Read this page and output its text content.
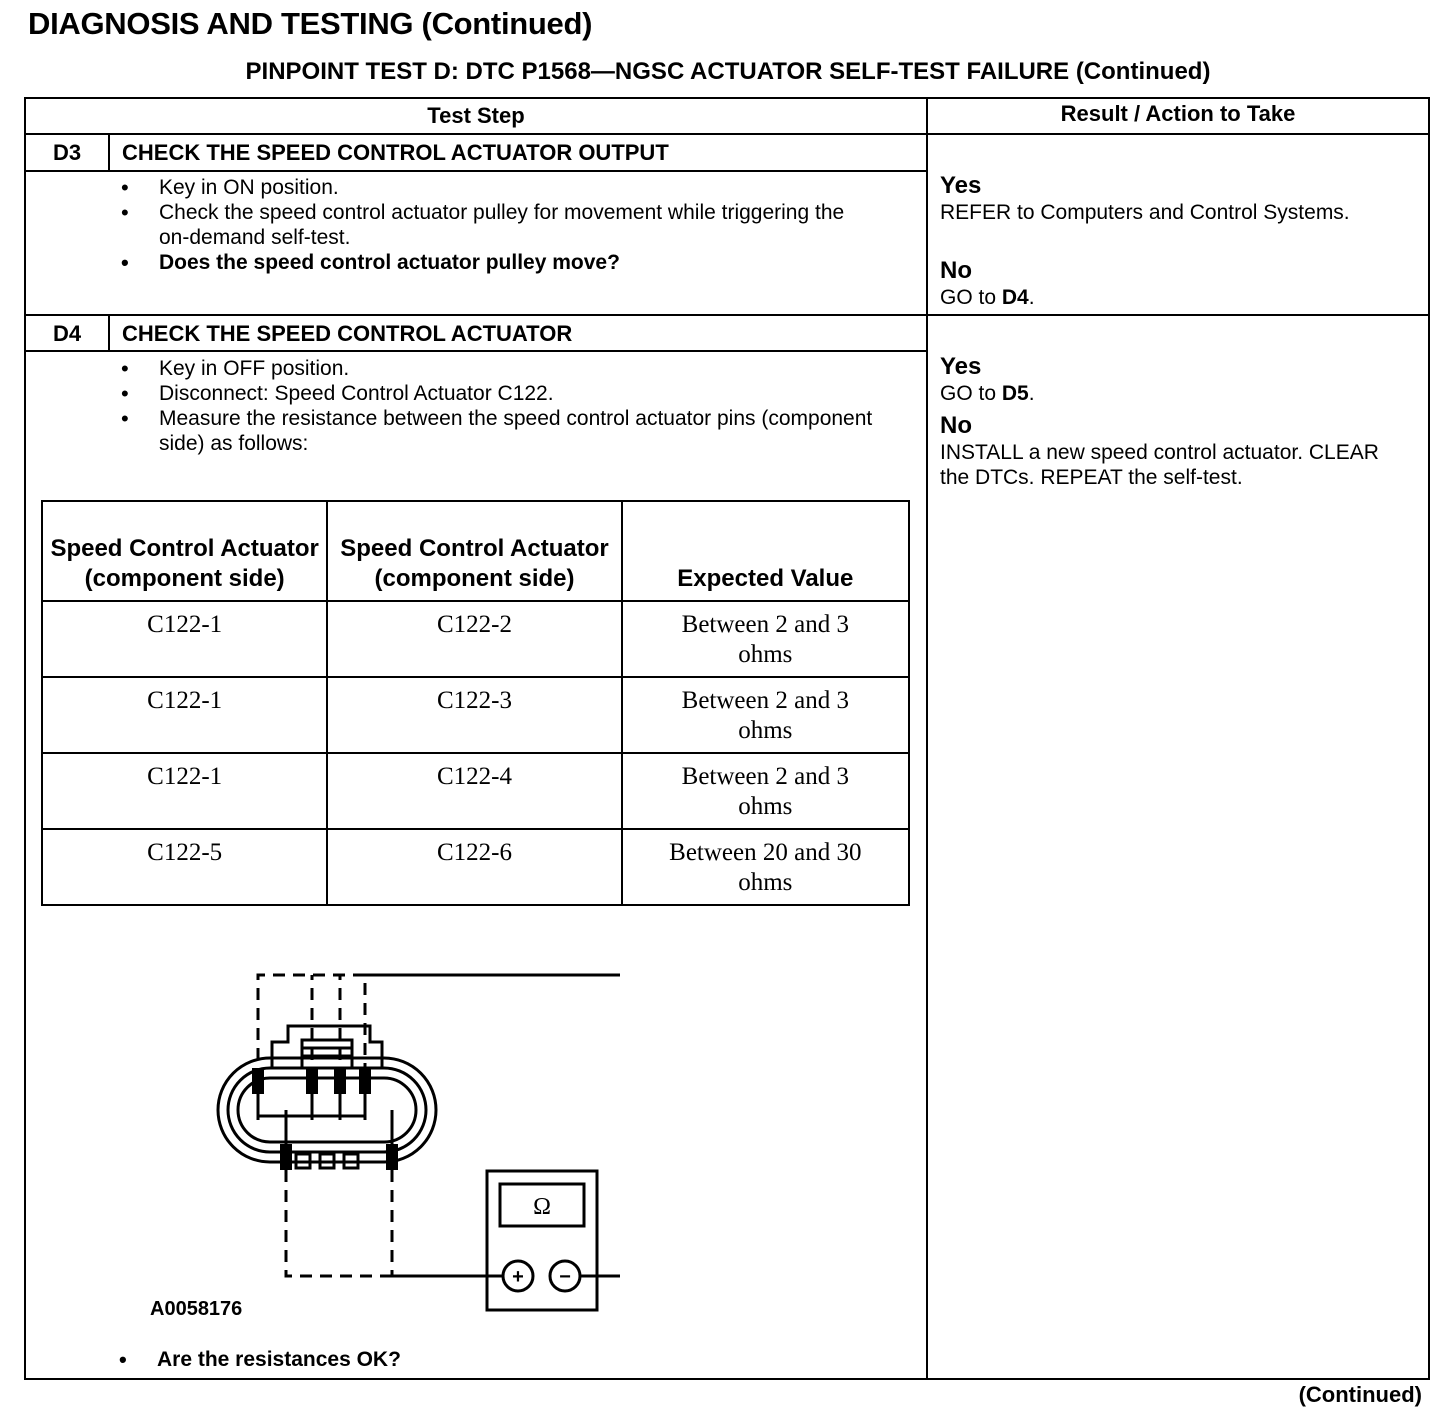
DIAGNOSIS AND TESTING (Continued)
PINPOINT TEST D: DTC P1568—NGSC ACTUATOR SELF-TEST FAILURE (Continued)
Test Step	Result / Action to Take
D3	CHECK THE SPEED CONTROL ACTUATOR OUTPUT
• Key in ON position.
• Check the speed control actuator pulley for movement while triggering the on-demand self-test.
• Does the speed control actuator pulley move?
Yes
REFER to Computers and Control Systems.
No
GO to D4.
D4	CHECK THE SPEED CONTROL ACTUATOR
• Key in OFF position.
• Disconnect: Speed Control Actuator C122.
• Measure the resistance between the speed control actuator pins (component side) as follows:
Yes
GO to D5.
No
INSTALL a new speed control actuator. CLEAR the DTCs. REPEAT the self-test.
Speed Control Actuator (component side)	Speed Control Actuator (component side)	Expected Value
C122-1	C122-2	Between 2 and 3 ohms
C122-1	C122-3	Between 2 and 3 ohms
C122-1	C122-4	Between 2 and 3 ohms
C122-5	C122-6	Between 20 and 30 ohms
Ω
+ −
A0058176
• Are the resistances OK?
(Continued)
